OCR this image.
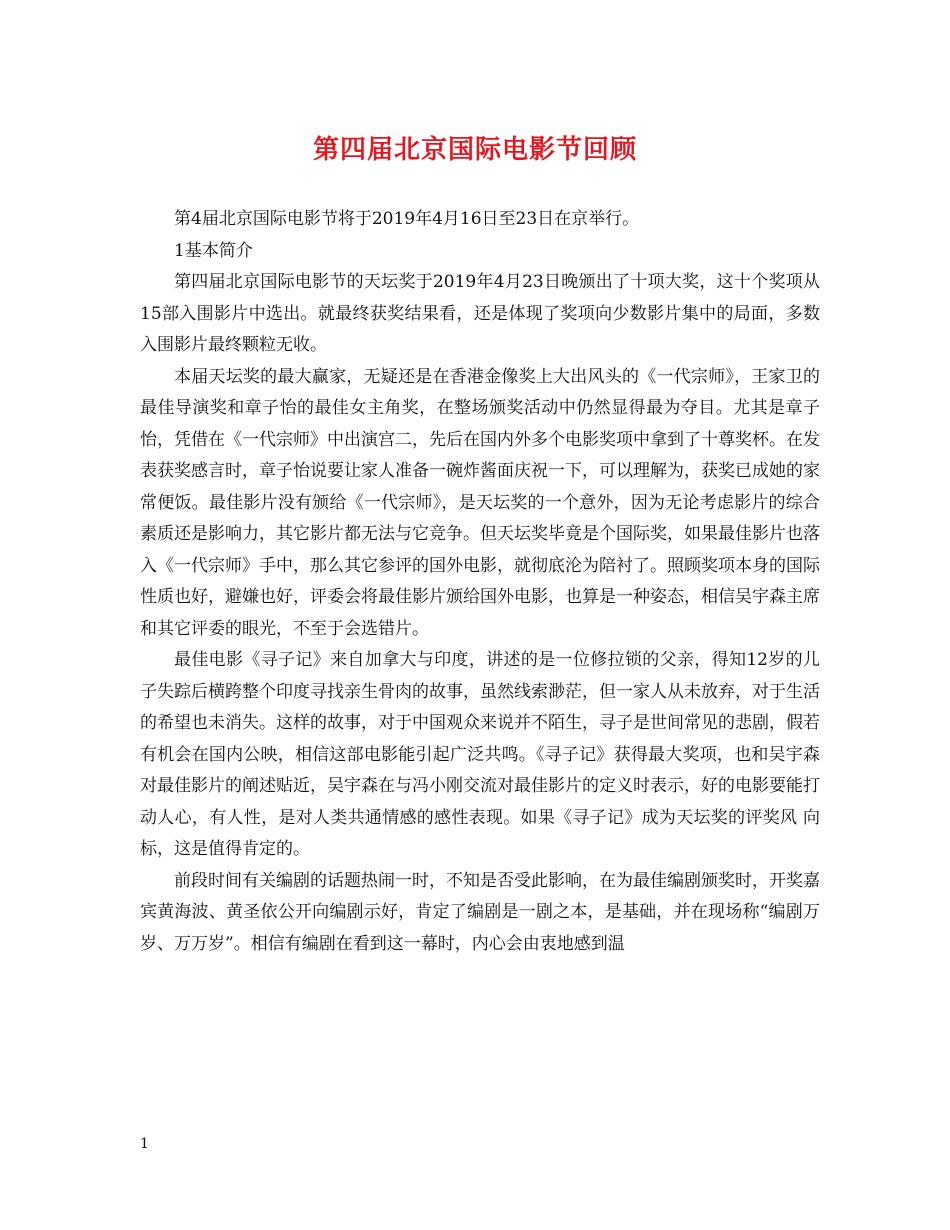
第四届北京国际电影节回顾

第4届北京国际电影节将于2019年4月16日至23日在京举行。

1基本简介

第四届北京国际电影节的天坛奖于2019年4月23日晚颁出了十项大奖，这十个奖项从15部入围影片中选出。就最终获奖结果看，还是体现了奖项向少数影片集中的局面，多数入围影片最终颗粒无收。

本届天坛奖的最大赢家，无疑还是在香港金像奖上大出风头的《一代宗师》，王家卫的最佳导演奖和章子怡的最佳女主角奖，在整场颁奖活动中仍然显得最为夺目。尤其是章子怡，凭借在《一代宗师》中出演宫二，先后在国内外多个电影奖项中拿到了十尊奖杯。在发表获奖感言时，章子怡说要让家人准备一碗炸酱面庆祝一下，可以理解为，获奖已成她的家常便饭。最佳影片没有颁给《一代宗师》，是天坛奖的一个意外，因为无论考虑影片的综合素质还是影响力，其它影片都无法与它竞争。但天坛奖毕竟是个国际奖，如果最佳影片也落入《一代宗师》手中，那么其它参评的国外电影，就彻底沦为陪衬了。照顾奖项本身的国际性质也好，避嫌也好，评委会将最佳影片颁给国外电影，也算是一种姿态，相信吴宇森主席和其它评委的眼光，不至于会选错片。

最佳电影《寻子记》来自加拿大与印度，讲述的是一位修拉锁的父亲，得知12岁的儿子失踪后横跨整个印度寻找亲生骨肉的故事，虽然线索渺茫，但一家人从未放弃，对于生活的希望也未消失。这样的故事，对于中国观众来说并不陌生，寻子是世间常见的悲剧，假若有机会在国内公映，相信这部电影能引起广泛共鸣。《寻子记》获得最大奖项，也和吴宇森对最佳影片的阐述贴近，吴宇森在与冯小刚交流对最佳影片的定义时表示，好的电影要能打动人心，有人性，是对人类共通情感的感性表现。如果《寻子记》成为天坛奖的评奖风 向标，这是值得肯定的。

前段时间有关编剧的话题热闹一时，不知是否受此影响，在为最佳编剧颁奖时，开奖嘉宾黄海波、黄圣依公开向编剧示好，肯定了编剧是一剧之本，是基础，并在现场称“编剧万岁、万万岁”。相信有编剧在看到这一幕时，内心会由衷地感到温

1
